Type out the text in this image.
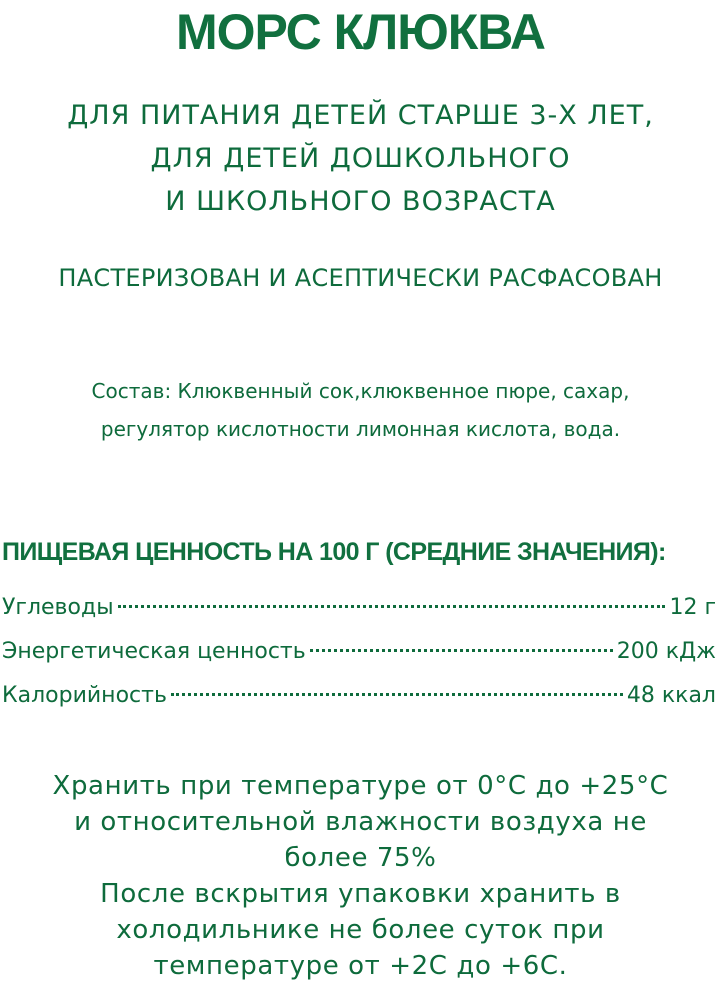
МОРС КЛЮКВА
ДЛЯ ПИТАНИЯ ДЕТЕЙ СТАРШЕ 3-Х ЛЕТ,
ДЛЯ ДЕТЕЙ ДОШКОЛЬНОГО
И ШКОЛЬНОГО ВОЗРАСТА
ПАСТЕРИЗОВАН И АСЕПТИЧЕСКИ РАСФАСОВАН
Состав: Клюквенный сок,клюквенное пюре, сахар,
регулятор кислотности лимонная кислота, вода.
ПИЩЕВАЯ ЦЕННОСТЬ НА 100 Г (СРЕДНИЕ ЗНАЧЕНИЯ):
Углеводы	12 г
Энергетическая ценность	200 кДж
Калорийность	48 ккал
Хранить при температуре от 0°С до +25°С
и относительной влажности воздуха не
более 75%
После вскрытия упаковки хранить в
холодильнике не более суток при
температуре от +2С до +6С.
